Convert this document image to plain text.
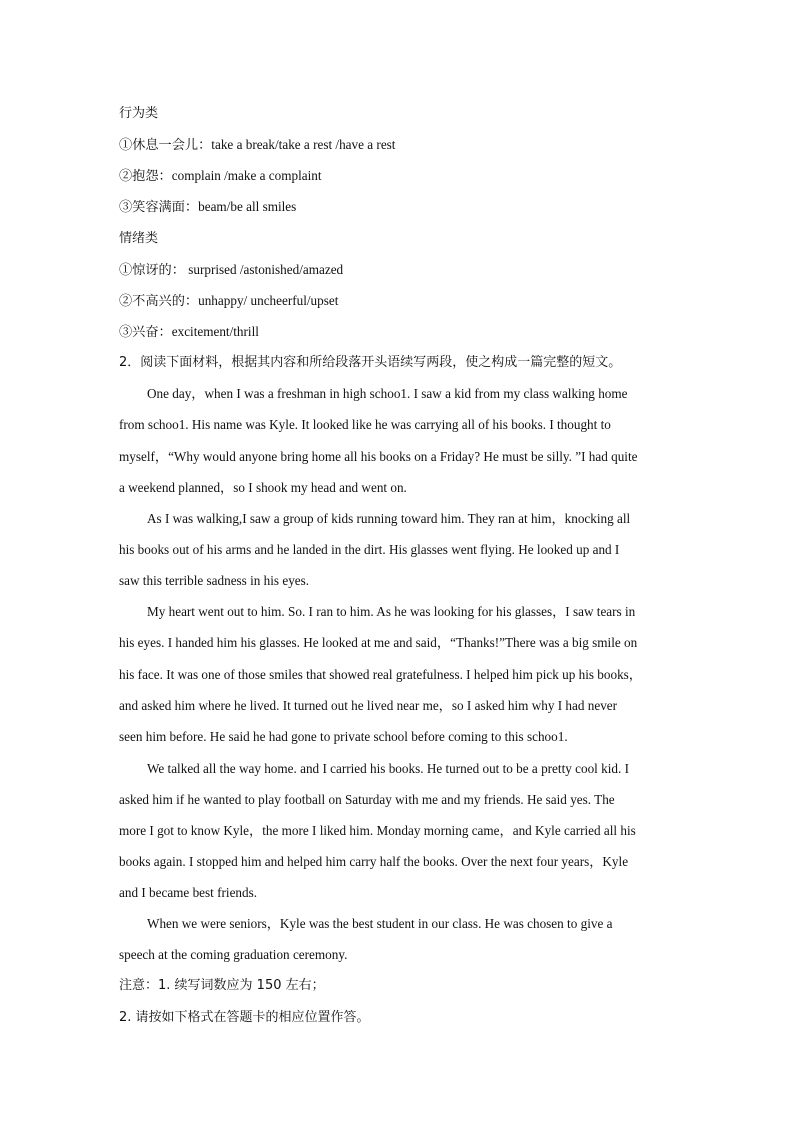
行为类
①休息一会儿：take a break/take a rest /have a rest
②抱怨：complain /make a complaint
③笑容满面：beam/be all smiles
情绪类
①惊讶的： surprised /astonished/amazed
②不高兴的：unhappy/ uncheerful/upset
③兴奋：excitement/thrill
2．阅读下面材料，根据其内容和所给段落开头语续写两段，使之构成一篇完整的短文。
One day，when I was a freshman in high schoo1. I saw a kid from my class walking home
from schoo1. His name was Kyle. It looked like he was carrying all of his books. I thought to
myself，“Why would anyone bring home all his books on a Friday? He must be silly. ”I had quite
a weekend planned，so I shook my head and went on.
As I was walking,I saw a group of kids running toward him. They ran at him，knocking all
his books out of his arms and he landed in the dirt. His glasses went flying. He looked up and I
saw this terrible sadness in his eyes.
My heart went out to him. So. I ran to him. As he was looking for his glasses，I saw tears in
his eyes. I handed him his glasses. He looked at me and said，“Thanks!”There was a big smile on
his face. It was one of those smiles that showed real gratefulness. I helped him pick up his books，
and asked him where he lived. It turned out he lived near me，so I asked him why I had never
seen him before. He said he had gone to private school before coming to this schoo1.
We talked all the way home. and I carried his books. He turned out to be a pretty cool kid. I
asked him if he wanted to play football on Saturday with me and my friends. He said yes. The
more I got to know Kyle，the more I liked him. Monday morning came，and Kyle carried all his
books again. I stopped him and helped him carry half the books. Over the next four years，Kyle
and I became best friends.
When we were seniors，Kyle was the best student in our class. He was chosen to give a
speech at the coming graduation ceremony.
注意：1. 续写词数应为 150 左右；
2. 请按如下格式在答题卡的相应位置作答。
